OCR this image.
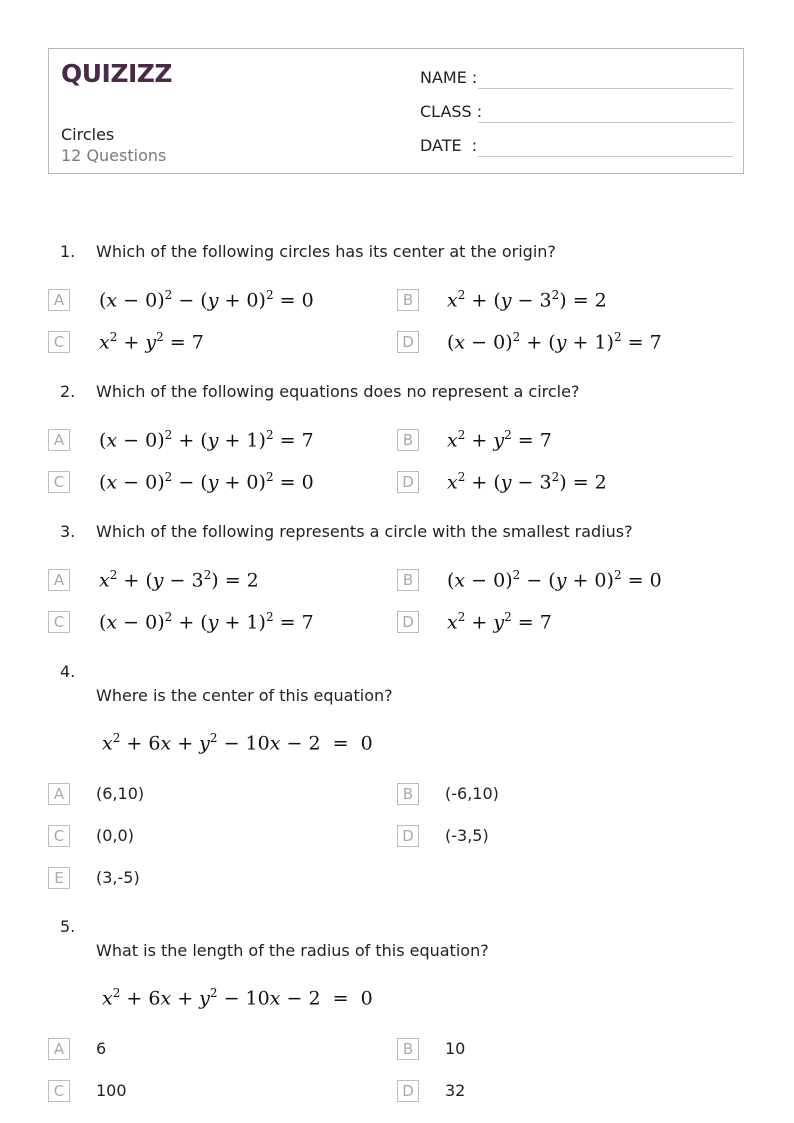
QUIZIZZ
Circles
12 Questions
NAME :
CLASS :
DATE  :
1. Which of the following circles has its center at the origin?
A	$(x - 0)^2 - (y + 0)^2 = 0$	B	$x^2 + (y - 3^2) = 2$
C	$x^2 + y^2 = 7$	D $(x - 0)^2 + (y + 1)^2 = 7$
2. Which of the following equations does no represent a circle?
A	$(x - 0)^2 + (y + 1)^2 = 7$	B	$x^2 + y^2 = 7$
C	$(x - 0)^2 - (y + 0)^2 = 0$	D $x^2 + (y - 3^2) = 2$
3. Which of the following represents a circle with the smallest radius?
A	$x^2 + (y - 3^2) = 2$	B	$(x - 0)^2 - (y + 0)^2 = 0$
C	$(x - 0)^2 + (y + 1)^2 = 7$	D $x^2 + y^2 = 7$
4.
Where is the center of this equation?
$x^2 + 6x + y^2 - 10x - 2 = 0$
A	(6,10)	B	(-6,10)
C	(0,0)	D	(-3,5)
E	(3,-5)
5.
What is the length of the radius of this equation?
$x^2 + 6x + y^2 - 10x - 2 = 0$
A	6	B	10
C	100	D	32
